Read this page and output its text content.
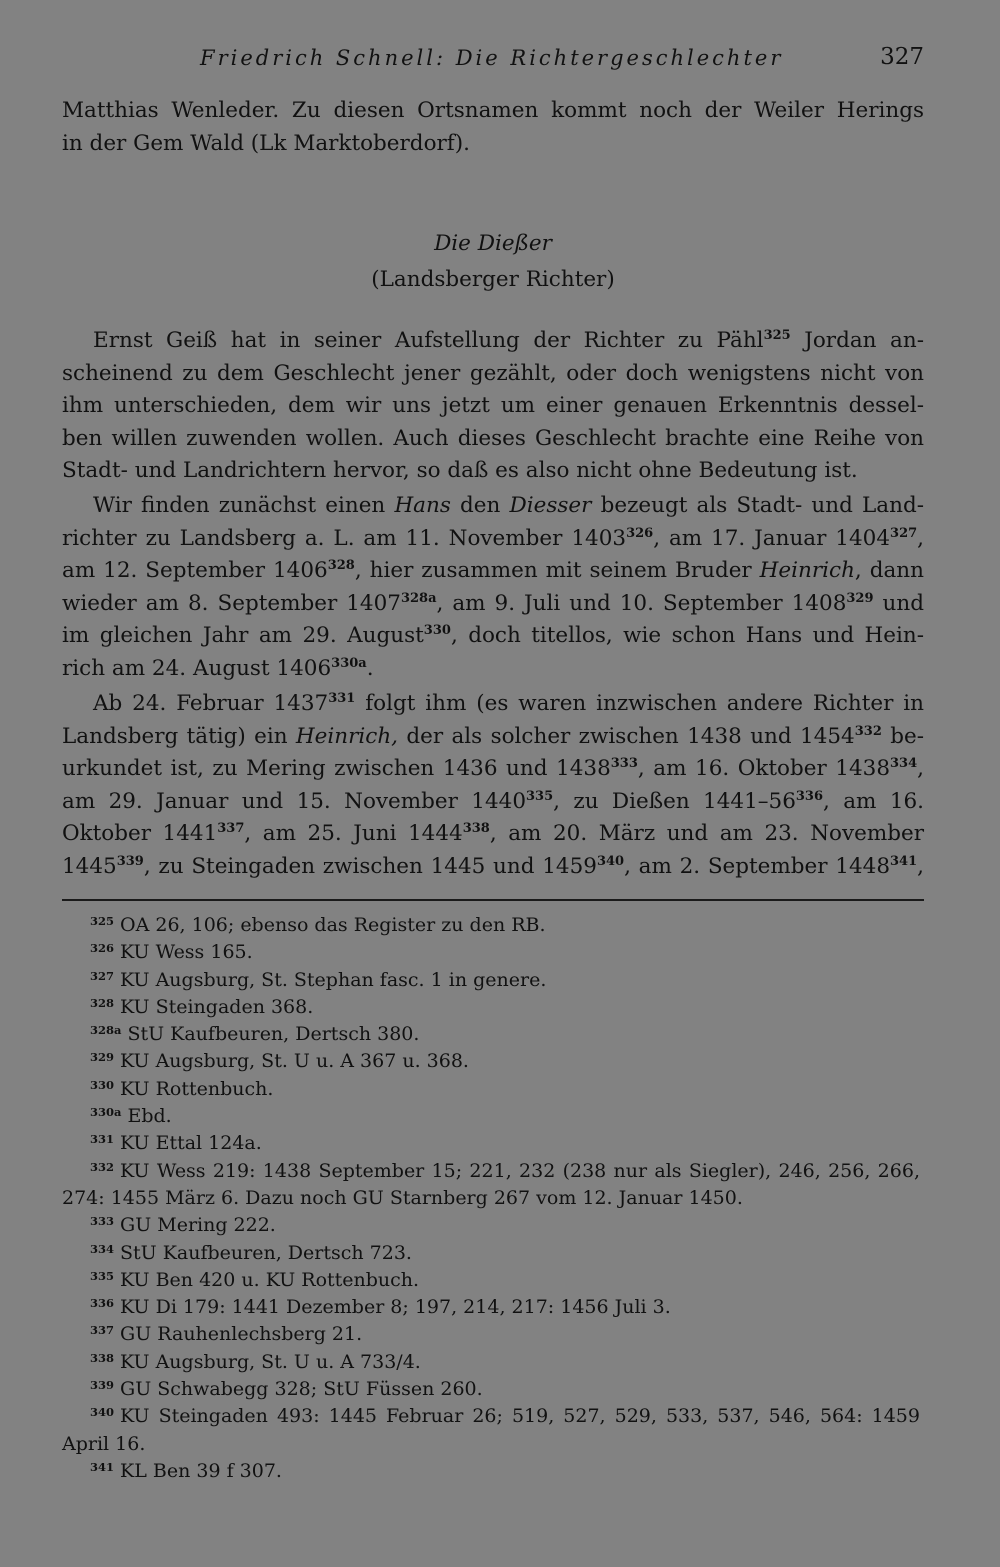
Friedrich Schnell: Die Richtergeschlechter	327
Matthias Wenleder. Zu diesen Ortsnamen kommt noch der Weiler Herings
in der Gem Wald (Lk Marktoberdorf).
Die Dießer
(Landsberger Richter)
Ernst Geiß hat in seiner Aufstellung der Richter zu Pähl$^{325}$ Jordan an-
scheinend zu dem Geschlecht jener gezählt, oder doch wenigstens nicht von
ihm unterschieden, dem wir uns jetzt um einer genauen Erkenntnis dessel-
ben willen zuwenden wollen. Auch dieses Geschlecht brachte eine Reihe von
Stadt- und Landrichtern hervor, so daß es also nicht ohne Bedeutung ist.
Wir finden zunächst einen Hans den Diesser bezeugt als Stadt- und Land-
richter zu Landsberg a. L. am 11. November 1403$^{326}$, am 17. Januar 1404$^{327}$,
am 12. September 1406$^{328}$, hier zusammen mit seinem Bruder Heinrich, dann
wieder am 8. September $1407^{328a}$, am 9. Juli und 10. September 1408$^{329}$ und
im gleichen Jahr am 29. August$^{330}$, doch titellos, wie schon Hans und Hein-
rich am 24. August $1406^{330a}$.
Ab 24. Februar 1437$^{331}$ folgt ihm (es waren inzwischen andere Richter in
Landsberg tätig) ein Heinrich, der als solcher zwischen 1438 und 1454$^{332}$ be-
urkundet ist, zu Mering zwischen 1436 und 1438$^{333}$, am 16. Oktober 1438$^{334}$,
am 29. Januar und 15. November 1440$^{335}$, zu Dießen $1441-56^{336}$, am 16.
Oktober 1441$^{337}$, am 25. Juni 1444$^{338}$, am 20. März und am 23. November
1445$^{339}$, zu Steingaden zwischen 1445 und 1459$^{340}$, am 2. September 1448$^{341}$,
$^{325}$ OA 26, 106; ebenso das Register zu den RB.
$^{326}$ KU Wess 165.
$^{327}$ KU Augsburg, St. Stephan fasc. 1 in genere.
$^{328}$ KU Steingaden 368.
$^{328a}$ StU Kaufbeuren, Dertsch 380.
$^{329}$ KU Augsburg, St. U u. A 367 u. 368.
$^{330}$ KU Rottenbuch.
$^{330a}$ Ebd.
$^{331}$ KU Ettal 124a.
$^{332}$ KU Wess 219: 1438 September 15; 221, 232 (238 nur als Siegler), 246, 256, 266,
274: 1455 März 6. Dazu noch GU Starnberg 267 vom 12. Januar 1450.
$^{333}$ GU Mering 222.
$^{334}$ StU Kaufbeuren, Dertsch 723.
$^{335}$ KU Ben 420 u. KU Rottenbuch.
$^{336}$ KU Di 179: 1441 Dezember 8; 197, 214, 217: 1456 Juli 3.
$^{337}$ GU Rauhenlechsberg 21.
$^{338}$ KU Augsburg, St. U u. A 733/4.
$^{339}$ GU Schwabegg 328; StU Füssen 260.
$^{340}$ KU Steingaden 493: 1445 Februar 26; 519, 527, 529, 533, 537, 546, 564: 1459
April 16.
$^{341}$ KL Ben 39 f 307.
